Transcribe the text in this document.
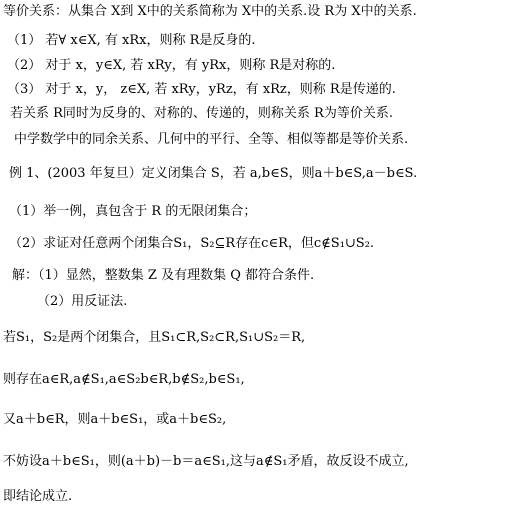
等价关系：从集合 X到 X中的关系简称为 X中的关系.设 R为 X中的关系.
（1） 若∀ x∈X, 有 xRx，则称 R是反身的.
（2） 对于 x，y∈X, 若 xRy，有 yRx，则称 R是对称的.
（3） 对于 x，y， z∈X, 若 xRy，yRz，有 xRz，则称 R是传递的.
若关系 R同时为反身的、对称的、传递的，则称关系 R为等价关系.
中学数学中的同余关系、几何中的平行、全等、相似等都是等价关系.
例 1、(2003 年复旦）定义闭集合 S，若 a,b∈S，则a＋b∈S,a－b∈S.
（1）举一例，真包含于 R 的无限闭集合；
（2）求证对任意两个闭集合S₁，S₂⊆R存在c∈R，但c∉S₁∪S₂.
解：（1）显然，整数集 Z 及有理数集 Q 都符合条件.
（2）用反证法.
若S₁，S₂是两个闭集合，且S₁⊂R,S₂⊂R,S₁∪S₂＝R,
则存在a∈R,a∉S₁,a∈S₂b∈R,b∉S₂,b∈S₁,
又a＋b∈R，则a＋b∈S₁，或a＋b∈S₂,
不妨设a＋b∈S₁，则(a＋b)－b＝a∈S₁,这与a∉S₁矛盾，故反设不成立,
即结论成立.
